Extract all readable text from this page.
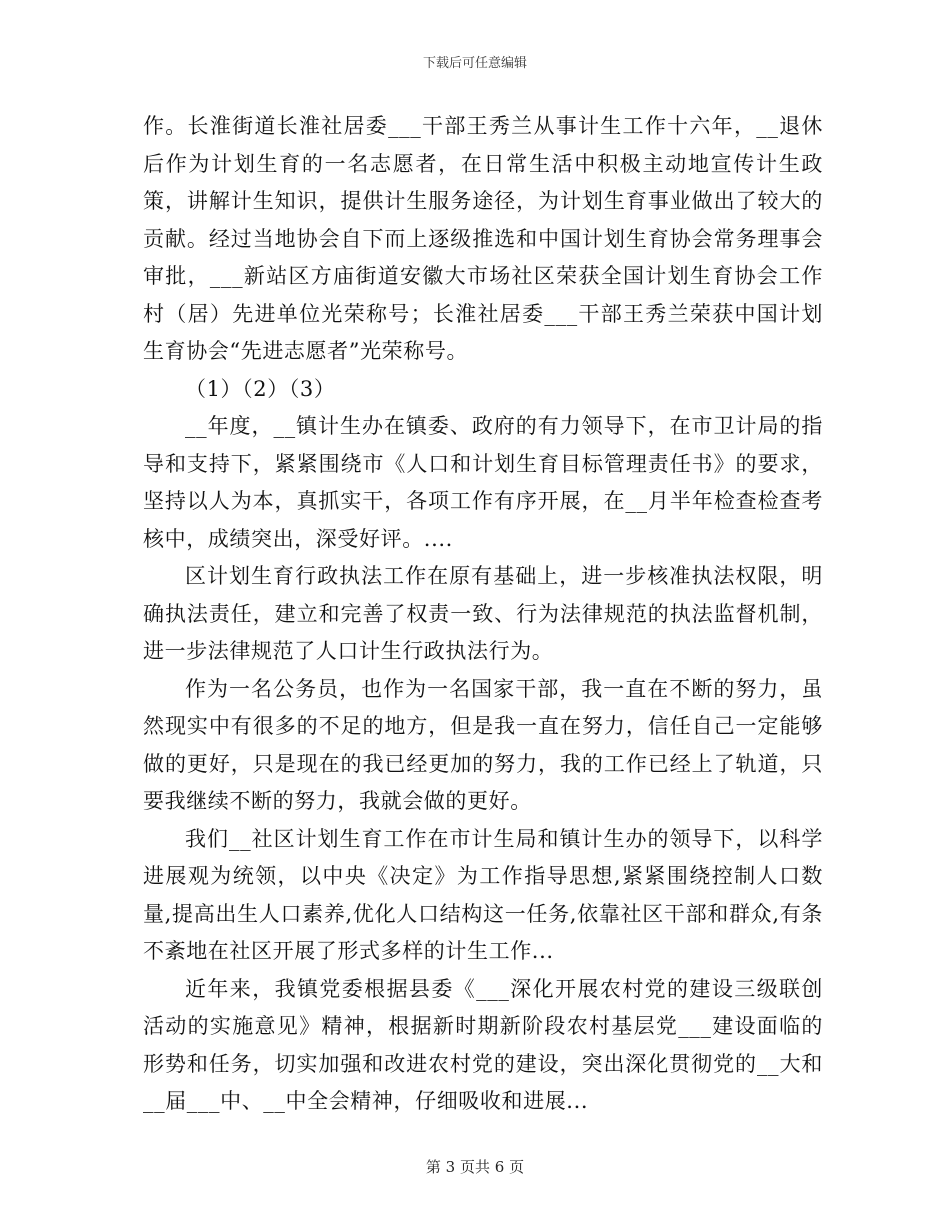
下载后可任意编辑

作。长淮街道长淮社居委___干部王秀兰从事计生工作十六年，__退休后作为计划生育的一名志愿者，在日常生活中积极主动地宣传计生政策，讲解计生知识，提供计生服务途径，为计划生育事业做出了较大的贡献。经过当地协会自下而上逐级推选和中国计划生育协会常务理事会审批，___新站区方庙街道安徽大市场社区荣获全国计划生育协会工作村（居）先进单位光荣称号；长淮社居委___干部王秀兰荣获中国计划生育协会“先进志愿者”光荣称号。

（1）（2）（3）

__年度，__镇计生办在镇委、政府的有力领导下，在市卫计局的指导和支持下，紧紧围绕市《人口和计划生育目标管理责任书》的要求，坚持以人为本，真抓实干，各项工作有序开展，在__月半年检查检查考核中，成绩突出，深受好评。....

区计划生育行政执法工作在原有基础上，进一步核准执法权限，明确执法责任，建立和完善了权责一致、行为法律规范的执法监督机制，进一步法律规范了人口计生行政执法行为。

作为一名公务员，也作为一名国家干部，我一直在不断的努力，虽然现实中有很多的不足的地方，但是我一直在努力，信任自己一定能够做的更好，只是现在的我已经更加的努力，我的工作已经上了轨道，只要我继续不断的努力，我就会做的更好。

我们__社区计划生育工作在市计生局和镇计生办的领导下，以科学进展观为统领，以中央《决定》为工作指导思想,紧紧围绕控制人口数量,提高出生人口素养,优化人口结构这一任务,依靠社区干部和群众,有条不紊地在社区开展了形式多样的计生工作...

近年来，我镇党委根据县委《___深化开展农村党的建设三级联创活动的实施意见》精神，根据新时期新阶段农村基层党___建设面临的形势和任务，切实加强和改进农村党的建设，突出深化贯彻党的__大和__届___中、__中全会精神，仔细吸收和进展...

第 3 页共 6 页
